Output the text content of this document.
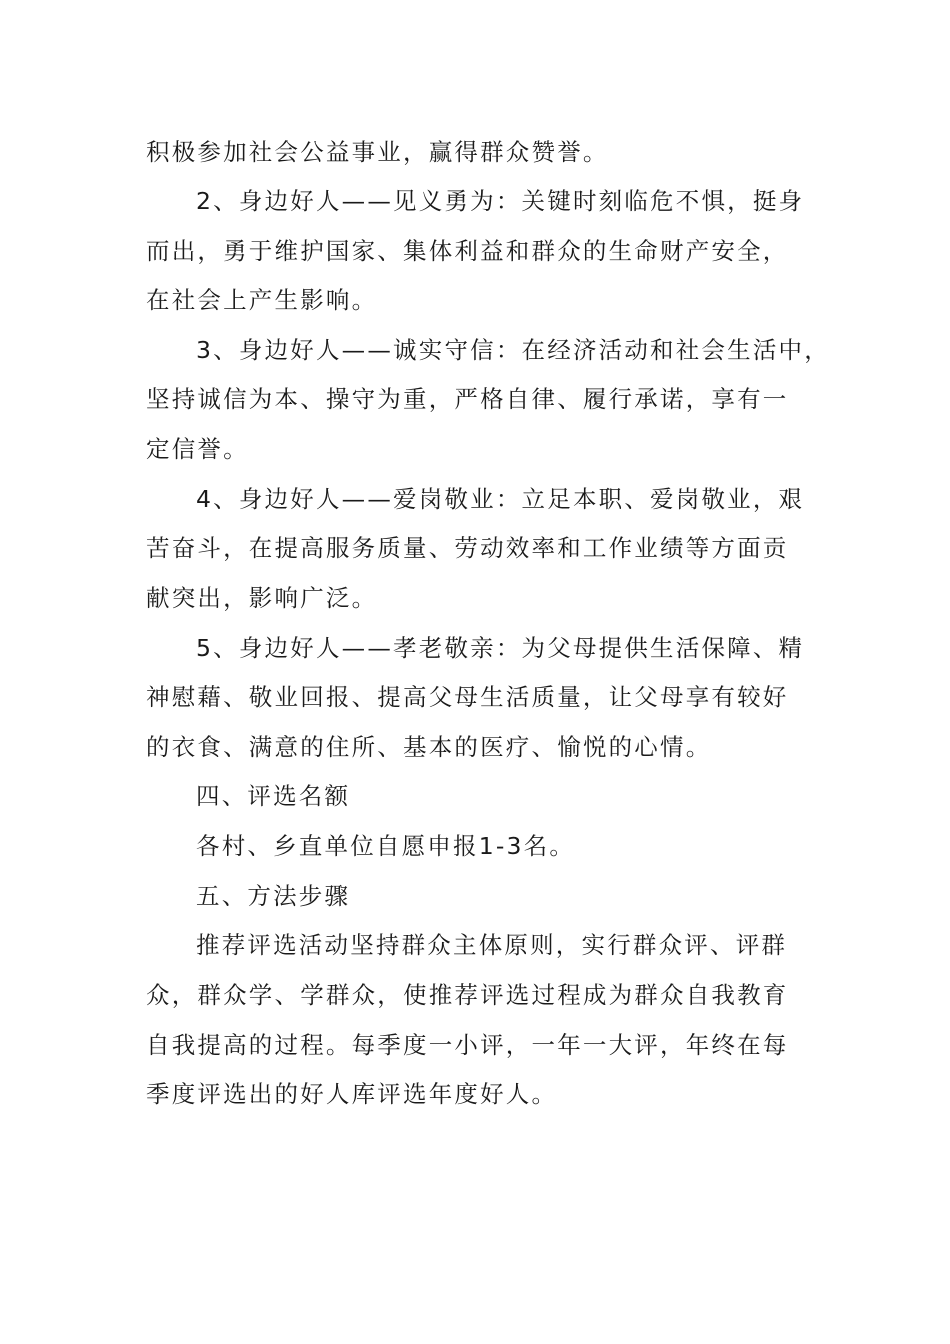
积极参加社会公益事业，赢得群众赞誉。
2、身边好人——见义勇为：关键时刻临危不惧，挺身
而出，勇于维护国家、集体利益和群众的生命财产安全，
在社会上产生影响。
3、身边好人——诚实守信：在经济活动和社会生活中，
坚持诚信为本、操守为重，严格自律、履行承诺，享有一
定信誉。
4、身边好人——爱岗敬业：立足本职、爱岗敬业，艰
苦奋斗，在提高服务质量、劳动效率和工作业绩等方面贡
献突出，影响广泛。
5、身边好人——孝老敬亲：为父母提供生活保障、精
神慰藉、敬业回报、提高父母生活质量，让父母享有较好
的衣食、满意的住所、基本的医疗、愉悦的心情。
四、评选名额
各村、乡直单位自愿申报1-3名。
五、方法步骤
推荐评选活动坚持群众主体原则，实行群众评、评群
众，群众学、学群众，使推荐评选过程成为群众自我教育
自我提高的过程。每季度一小评，一年一大评，年终在每
季度评选出的好人库评选年度好人。
